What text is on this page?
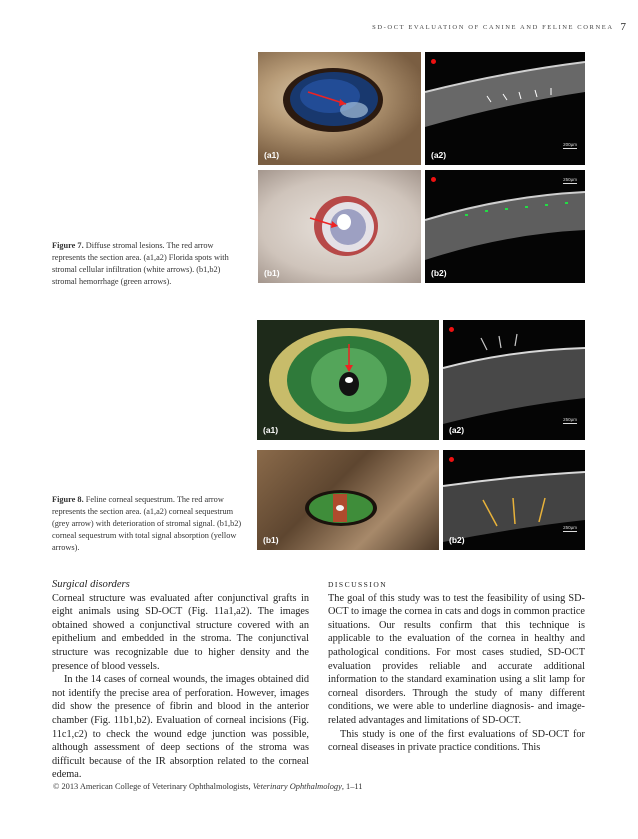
SD-OCT EVALUATION OF CANINE AND FELINE CORNEA 7
Figure 7. Diffuse stromal lesions. The red arrow represents the section area. (a1,a2) Florida spots with stromal cellular infiltration (white arrows). (b1,b2) stromal hemorrhage (green arrows).
(a1)
200µm
(a2)
(b1)
250µm
(b2)
Figure 8. Feline corneal sequestrum. The red arrow represents the section area. (a1,a2) corneal sequestrum (grey arrow) with deterioration of stromal signal. (b1,b2) corneal sequestrum with total signal absorption (yellow arrows).
(a1)
250µm
(a2)
(b1)
250µm
(b2)

Surgical disorders

Corneal structure was evaluated after conjunctival grafts in eight animals using SD-OCT (Fig. 11a1,a2). The images obtained showed a conjunctival structure covered with an epithelium and embedded in the stroma. The conjunctival structure was recognizable due to higher density and the presence of blood vessels.

In the 14 cases of corneal wounds, the images obtained did not identify the precise area of perforation. However, images did show the presence of fibrin and blood in the anterior chamber (Fig. 11b1,b2). Evaluation of corneal incisions (Fig. 11c1,c2) to check the wound edge junction was possible, although assessment of deep sections of the stroma was difficult because of the IR absorption related to the corneal edema.

DISCUSSION

The goal of this study was to test the feasibility of using SD-OCT to image the cornea in cats and dogs in common practice situations. Our results confirm that this technique is applicable to the evaluation of the cornea in healthy and pathological conditions. For most cases studied, SD-OCT evaluation provides reliable and accurate additional information to the standard examination using a slit lamp for corneal disorders. Through the study of many different conditions, we were able to underline diagnosis- and image-related advantages and limitations of SD-OCT.

This study is one of the first evaluations of SD-OCT for corneal diseases in private practice conditions. This

© 2013 American College of Veterinary Ophthalmologists, Veterinary Ophthalmology, 1–11
